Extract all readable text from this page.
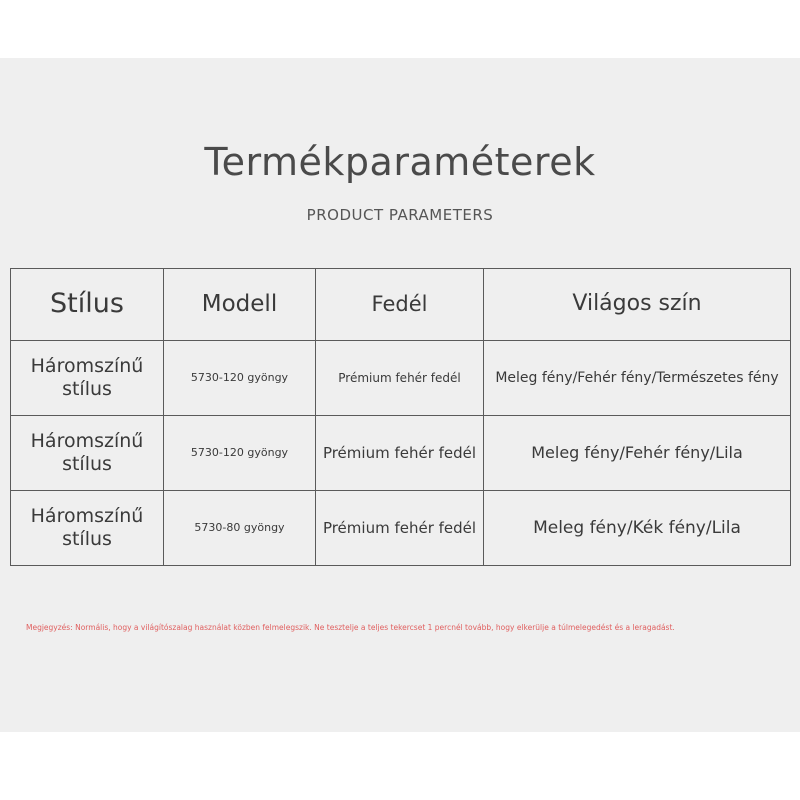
Termékparaméterek
PRODUCT PARAMETERS
Stílus	Modell	Fedél	Világos szín
Háromszínű stílus	5730-120 gyöngy	Prémium fehér fedél	Meleg fény/Fehér fény/Természetes fény
Háromszínű stílus	5730-120 gyöngy	Prémium fehér fedél	Meleg fény/Fehér fény/Lila
Háromszínű stílus	5730-80 gyöngy	Prémium fehér fedél	Meleg fény/Kék fény/Lila
Megjegyzés: Normális, hogy a világítószalag használat közben felmelegszik. Ne tesztelje a teljes tekercset 1 percnél tovább, hogy elkerülje a túlmelegedést és a leragadást.
